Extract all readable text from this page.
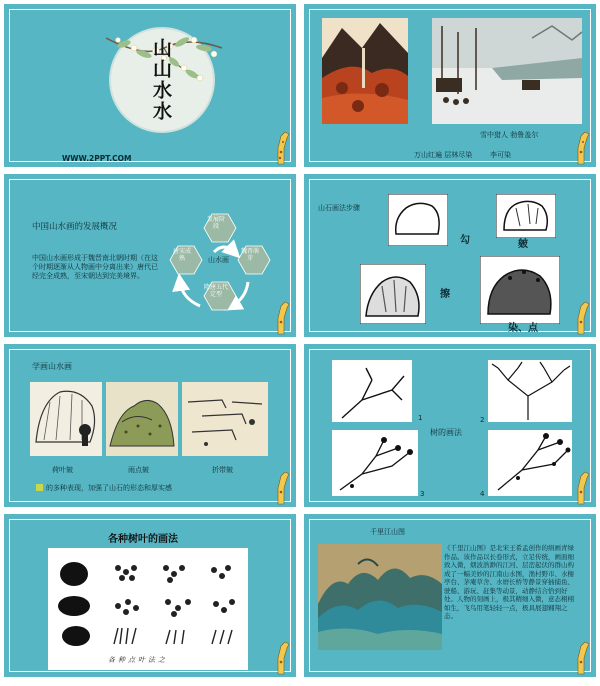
山山水水
WWW.2PPT.COM
雪中猎人 勃鲁盖尔
万山红遍 层林尽染	李可染
中国山水画的发展概况
中国山水画形成于魏晋南北朝时期（在这个时期逐渐从人物画中分离出来）唐代已经完全成熟，至宋朝达到完美境界。
山水画
发展阶段
魏晋萌芽
隋唐五代定型
唐宋成熟
山石画法步骤
勾	皴
擦
染、点
学画山水画
荷叶皴	雨点皴	折带皴
的多种表现，加强了山石的形态和厚实感
树的画法
1	2
3	4
各种树叶的画法
各种点叶法之
千里江山图
《千里江山图》是北宋王希孟创作的绢画青绿作品。该作品以长卷形式，立足传统，画面细致入微，烟波浩渺的江河、层峦起伏的群山构成了一幅美妙的江南山水图，渔村野市、水榭亭台、茅庵草舍、水磨长桥等静景穿插捕鱼、驶船、游玩、赶集等动景，动静结合恰到好处。人物的刻画上，极其精细入微，意态栩栩如生，飞鸟用笔轻轻一点，极具展翅翱翔之态。
